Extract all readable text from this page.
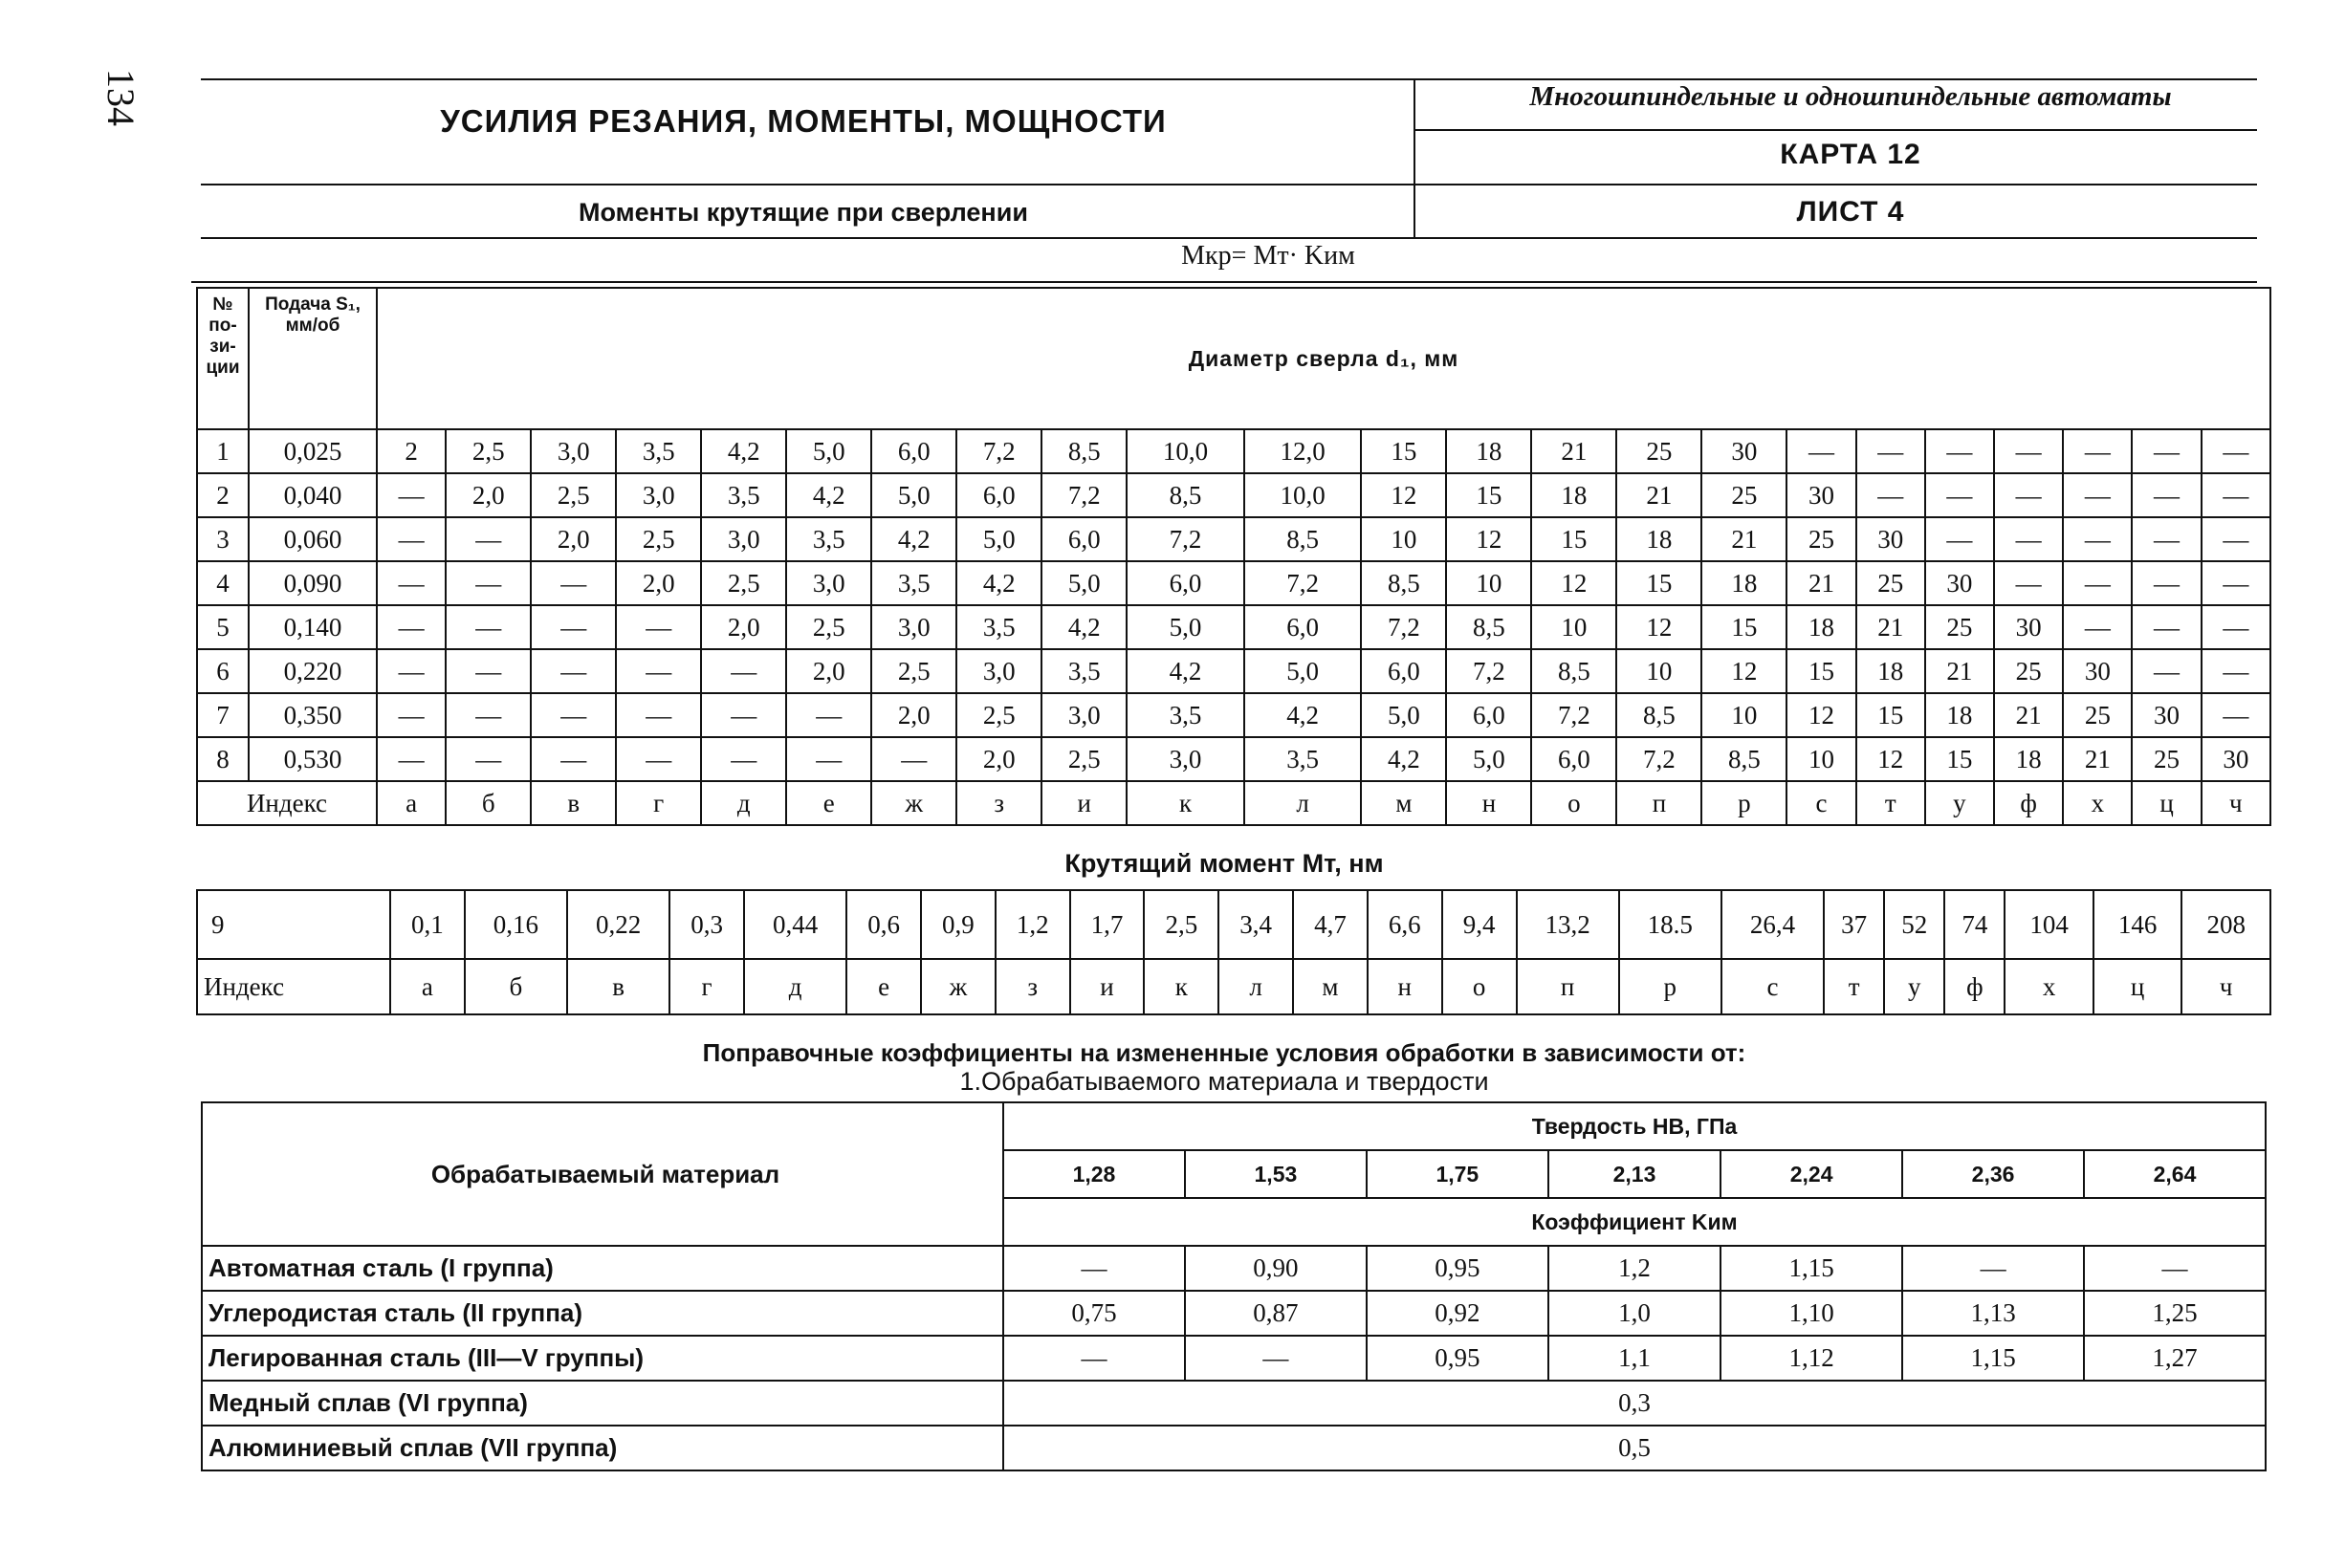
134	УСИЛИЯ РЕЗАНИЯ, МОМЕНТЫ, МОЩНОСТИ
Многошпиндельные и одношпиндельные автоматы
КАРТА 12
Моменты крутящие при сверлении	ЛИСТ 4
Mкр= Mт· Kим
№ по-зи-ции	Подача S₁, мм/об	Диаметр сверла d₁, мм																						
1	0,025	2	2,5	3,0	3,5	4,2	5,0	6,0	7,2	8,5	10,0	12,0	15	18	21	25	30	—	—	—	—	—	—	—
2	0,040	—	2,0	2,5	3,0	3,5	4,2	5,0	6,0	7,2	8,5	10,0	12	15	18	21	25	30	—	—	—	—	—	—
3	0,060	—	—	2,0	2,5	3,0	3,5	4,2	5,0	6,0	7,2	8,5	10	12	15	18	21	25	30	—	—	—	—	—
4	0,090	—	—	—	2,0	2,5	3,0	3,5	4,2	5,0	6,0	7,2	8,5	10	12	15	18	21	25	30	—	—	—	—
5	0,140	—	—	—	—	2,0	2,5	3,0	3,5	4,2	5,0	6,0	7,2	8,5	10	12	15	18	21	25	30	—	—	—
6	0,220	—	—	—	—	—	2,0	2,5	3,0	3,5	4,2	5,0	6,0	7,2	8,5	10	12	15	18	21	25	30	—	—
7	0,350	—	—	—	—	—	—	2,0	2,5	3,0	3,5	4,2	5,0	6,0	7,2	8,5	10	12	15	18	21	25	30	—
8	0,530	—	—	—	—	—	—	—	2,0	2,5	3,0	3,5	4,2	5,0	6,0	7,2	8,5	10	12	15	18	21	25	30
Индекс		а	б	в	г	д	е	ж	з	и	к	л	м	н	о	п	р	с	т	у	ф	х	ц	ч
Крутящий момент Mт, нм
9	0,1	0,16	0,22	0,3	0,44	0,6	0,9	1,2	1,7	2,5	3,4	4,7	6,6	9,4	13,2	18.5	26,4	37	52	74	104	146	208
Индекс	а	б	в	г	д	е	ж	з	и	к	л	м	н	о	п	р	с	т	у	ф	х	ц	ч
Поправочные коэффициенты на измененные условия обработки в зависимости от:
1.Обрабатываемого материала и твердости
Обрабатываемый материал	Твердость НВ, ГПа						
	1,28	1,53	1,75	2,13	2,24	2,36	2,64
	Коэффициент Kим						
Автоматная сталь (I группа)	—	0,90	0,95	1,2	1,15	—	—
Углеродистая сталь (II группа)	0,75	0,87	0,92	1,0	1,10	1,13	1,25
Легированная сталь (III—V группы)	—	—	0,95	1,1	1,12	1,15	1,27
Медный сплав (VI группа)	0,3						
Алюминиевый сплав (VII группа)	0,5						
